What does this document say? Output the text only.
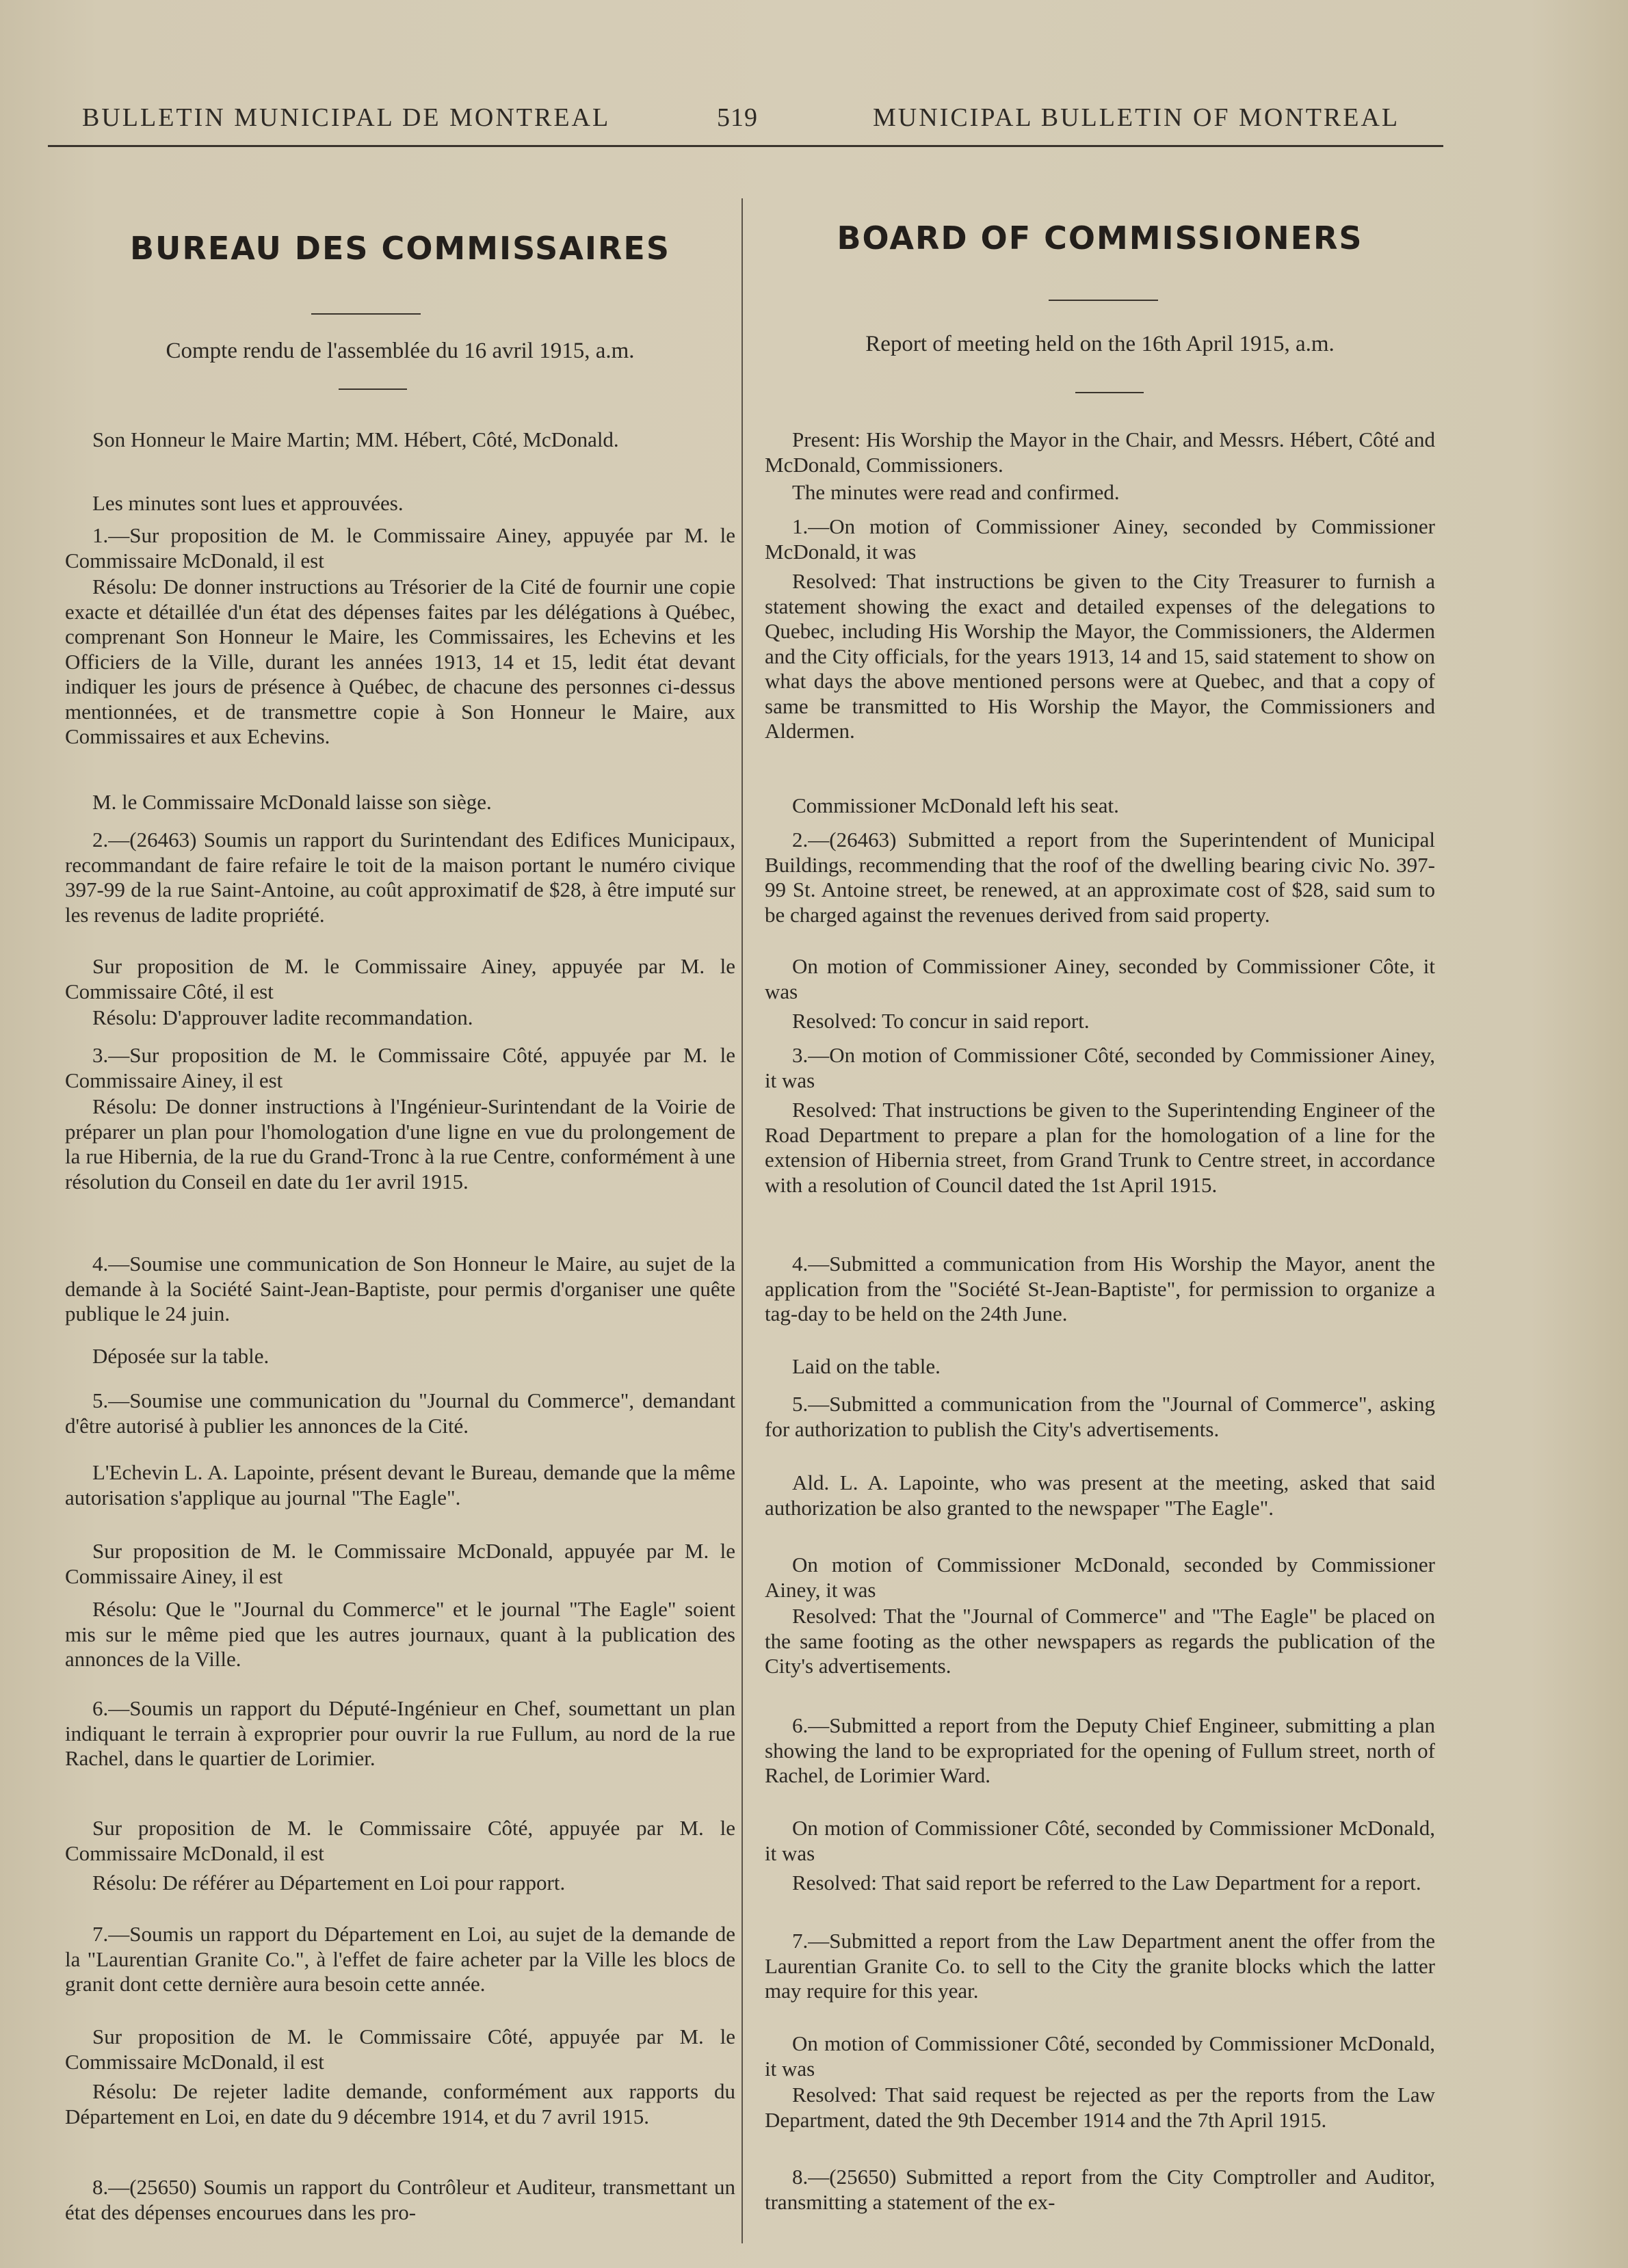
BULLETIN MUNICIPAL DE MONTREAL	519	MUNICIPAL BULLETIN OF MONTREAL
BUREAU DES COMMISSAIRES
Compte rendu de l'assemblée du 16 avril 1915, a.m.
Son Honneur le Maire Martin; MM. Hébert, Côté, McDonald.
Les minutes sont lues et approuvées.
1.—Sur proposition de M. le Commissaire Ainey, appuyée par M. le Commissaire McDonald, il est
Résolu: De donner instructions au Trésorier de la Cité de fournir une copie exacte et détaillée d'un état des dépenses faites par les délégations à Québec, comprenant Son Honneur le Maire, les Commissaires, les Echevins et les Officiers de la Ville, durant les années 1913, 14 et 15, ledit état devant indiquer les jours de présence à Québec, de chacune des personnes ci-dessus mentionnées, et de transmettre copie à Son Honneur le Maire, aux Commissaires et aux Echevins.
M. le Commissaire McDonald laisse son siège.
2.—(26463) Soumis un rapport du Surintendant des Edifices Municipaux, recommandant de faire refaire le toit de la maison portant le numéro civique 397-99 de la rue Saint-Antoine, au coût approximatif de $28, à être imputé sur les revenus de ladite propriété.
Sur proposition de M. le Commissaire Ainey, appuyée par M. le Commissaire Côté, il est
Résolu: D'approuver ladite recommandation.
3.—Sur proposition de M. le Commissaire Côté, appuyée par M. le Commissaire Ainey, il est
Résolu: De donner instructions à l'Ingénieur-Surintendant de la Voirie de préparer un plan pour l'homologation d'une ligne en vue du prolongement de la rue Hibernia, de la rue du Grand-Tronc à la rue Centre, conformément à une résolution du Conseil en date du 1er avril 1915.
4.—Soumise une communication de Son Honneur le Maire, au sujet de la demande à la Société Saint-Jean-Baptiste, pour permis d'organiser une quête publique le 24 juin.
Déposée sur la table.
5.—Soumise une communication du "Journal du Commerce", demandant d'être autorisé à publier les annonces de la Cité.
L'Echevin L. A. Lapointe, présent devant le Bureau, demande que la même autorisation s'applique au journal "The Eagle".
Sur proposition de M. le Commissaire McDonald, appuyée par M. le Commissaire Ainey, il est
Résolu: Que le "Journal du Commerce" et le journal "The Eagle" soient mis sur le même pied que les autres journaux, quant à la publication des annonces de la Ville.
6.—Soumis un rapport du Député-Ingénieur en Chef, soumettant un plan indiquant le terrain à exproprier pour ouvrir la rue Fullum, au nord de la rue Rachel, dans le quartier de Lorimier.
Sur proposition de M. le Commissaire Côté, appuyée par M. le Commissaire McDonald, il est
Résolu: De référer au Département en Loi pour rapport.
7.—Soumis un rapport du Département en Loi, au sujet de la demande de la "Laurentian Granite Co.", à l'effet de faire acheter par la Ville les blocs de granit dont cette dernière aura besoin cette année.
Sur proposition de M. le Commissaire Côté, appuyée par M. le Commissaire McDonald, il est
Résolu: De rejeter ladite demande, conformément aux rapports du Département en Loi, en date du 9 décembre 1914, et du 7 avril 1915.
8.—(25650) Soumis un rapport du Contrôleur et Auditeur, transmettant un état des dépenses encourues dans les pro-
BOARD OF COMMISSIONERS
Report of meeting held on the 16th April 1915, a.m.
Present: His Worship the Mayor in the Chair, and Messrs. Hébert, Côté and McDonald, Commissioners.
The minutes were read and confirmed.
1.—On motion of Commissioner Ainey, seconded by Commissioner McDonald, it was
Resolved: That instructions be given to the City Treasurer to furnish a statement showing the exact and detailed expenses of the delegations to Quebec, including His Worship the Mayor, the Commissioners, the Aldermen and the City officials, for the years 1913, 14 and 15, said statement to show on what days the above mentioned persons were at Quebec, and that a copy of same be transmitted to His Worship the Mayor, the Commissioners and Aldermen.
Commissioner McDonald left his seat.
2.—(26463) Submitted a report from the Superintendent of Municipal Buildings, recommending that the roof of the dwelling bearing civic No. 397-99 St. Antoine street, be renewed, at an approximate cost of $28, said sum to be charged against the revenues derived from said property.
On motion of Commissioner Ainey, seconded by Commissioner Côte, it was
Resolved: To concur in said report.
3.—On motion of Commissioner Côté, seconded by Commissioner Ainey, it was
Resolved: That instructions be given to the Superintending Engineer of the Road Department to prepare a plan for the homologation of a line for the extension of Hibernia street, from Grand Trunk to Centre street, in accordance with a resolution of Council dated the 1st April 1915.
4.—Submitted a communication from His Worship the Mayor, anent the application from the "Société St-Jean-Baptiste", for permission to organize a tag-day to be held on the 24th June.
Laid on the table.
5.—Submitted a communication from the "Journal of Commerce", asking for authorization to publish the City's advertisements.
Ald. L. A. Lapointe, who was present at the meeting, asked that said authorization be also granted to the newspaper "The Eagle".
On motion of Commissioner McDonald, seconded by Commissioner Ainey, it was
Resolved: That the "Journal of Commerce" and "The Eagle" be placed on the same footing as the other newspapers as regards the publication of the City's advertisements.
6.—Submitted a report from the Deputy Chief Engineer, submitting a plan showing the land to be expropriated for the opening of Fullum street, north of Rachel, de Lorimier Ward.
On motion of Commissioner Côté, seconded by Commissioner McDonald, it was
Resolved: That said report be referred to the Law Department for a report.
7.—Submitted a report from the Law Department anent the offer from the Laurentian Granite Co. to sell to the City the granite blocks which the latter may require for this year.
On motion of Commissioner Côté, seconded by Commissioner McDonald, it was
Resolved: That said request be rejected as per the reports from the Law Department, dated the 9th December 1914 and the 7th April 1915.
8.—(25650) Submitted a report from the City Comptroller and Auditor, transmitting a statement of the ex-
